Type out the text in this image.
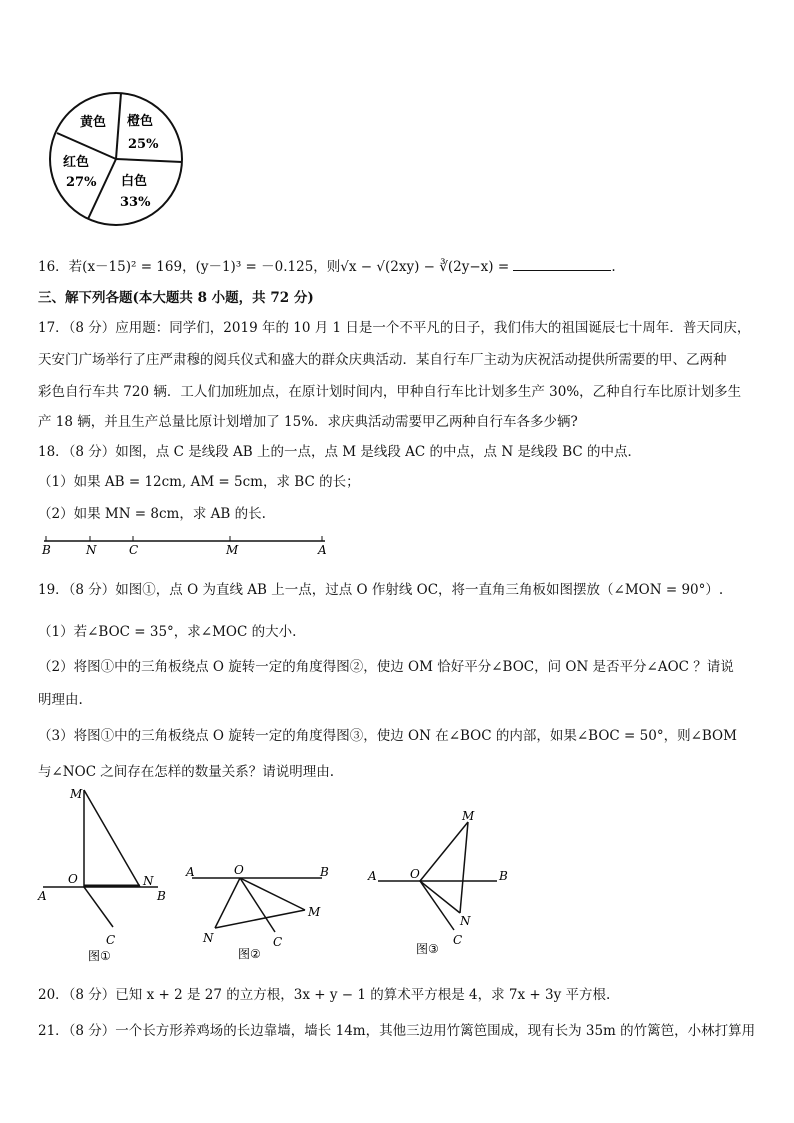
黄色 橙色
25%
红色
27% 白色
33%
16．若(x－15)² = 169，(y－1)³ = －0.125，则√x − √(2xy) − ∛(2y−x) =	.
三、解下列各题(本大题共 8 小题，共 72 分)
17．（8 分）应用题：同学们，2019 年的 10 月 1 日是一个不平凡的日子，我们伟大的祖国诞辰七十周年．普天同庆，
天安门广场举行了庄严肃穆的阅兵仪式和盛大的群众庆典活动．某自行车厂主动为庆祝活动提供所需要的甲、乙两种
彩色自行车共 720 辆．工人们加班加点，在原计划时间内，甲种自行车比计划多生产 30%，乙种自行车比原计划多生
产 18 辆，并且生产总量比原计划增加了 15%．求庆典活动需要甲乙两种自行车各多少辆?
18．（8 分）如图，点 C 是线段 AB 上的一点，点 M 是线段 AC 的中点，点 N 是线段 BC 的中点．
（1）如果 AB = 12cm, AM = 5cm，求 BC 的长；
（2）如果 MN = 8cm，求 AB 的长.
B	N	C	M	A
19．（8 分）如图①，点 O 为直线 AB 上一点，过点 O 作射线 OC，将一直角三角板如图摆放（∠MON = 90°）.
（1）若∠BOC = 35°，求∠MOC 的大小.
（2）将图①中的三角板绕点 O 旋转一定的角度得图②，使边 OM 恰好平分∠BOC，问 ON 是否平分∠AOC ？请说
明理由.
（3）将图①中的三角板绕点 O 旋转一定的角度得图③，使边 ON 在∠BOC 的内部，如果∠BOC = 50°，则∠BOM
与∠NOC 之间存在怎样的数量关系？请说明理由.
M
O	N
A	B
C
图①
A	O	B
M
N	C
图②
M
A	O	B
N
C
图③
20．（8 分）已知 x + 2 是 27 的立方根，3x + y − 1 的算术平方根是 4，求 7x + 3y 平方根.
21．（8 分）一个长方形养鸡场的长边靠墙，墙长 14m，其他三边用竹篱笆围成，现有长为 35m 的竹篱笆，小林打算用
